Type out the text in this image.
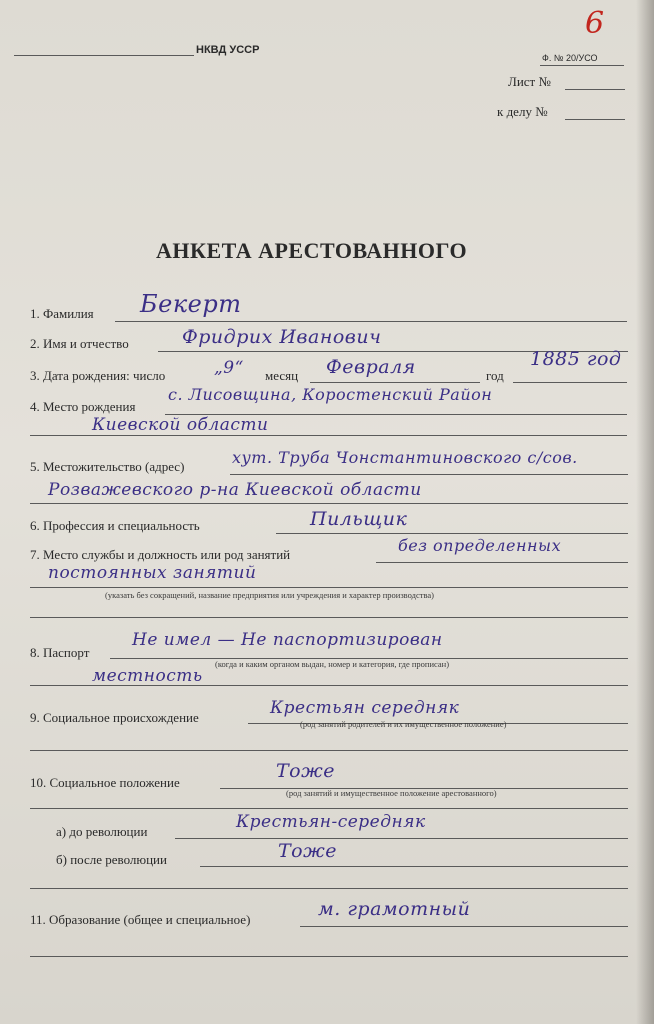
НКВД УССР
6
Ф. № 20/УСО
Лист №
к делу №
АНКЕТА АРЕСТОВАННОГО
1. Фамилия Бекерт
2. Имя и отчество	Фридрих Иванович
3. Дата рождения: число	„9“ месяц Февраля	год
1885 год
4. Место рождения
с. Лисовщина, Коростенский Район
Киевской области
5. Местожительство (адрес)	хут. Труба Чонстантиновского с/сов.
Розважевского р-на Киевской области
6. Профессия и специальность	Пильщик
7. Место службы и должность или род занятий	без определенных
постоянных занятий
(указать без сокращений, название предприятия или учреждения и характер производства)
8. Паспорт
Не имел — Не паспортизирован
(когда и каким органом выдан, номер и категория, где прописан)
местность
9. Социальное происхождение	Крестьян середняк
(род занятий родителей и их имущественное положение)
10. Социальное положение
Тоже
(род занятий и имущественное положение арестованного)
а) до революции	Крестьян-середняк
б) после революции	Тоже
11. Образование (общее и специальное)	м. грамотный
